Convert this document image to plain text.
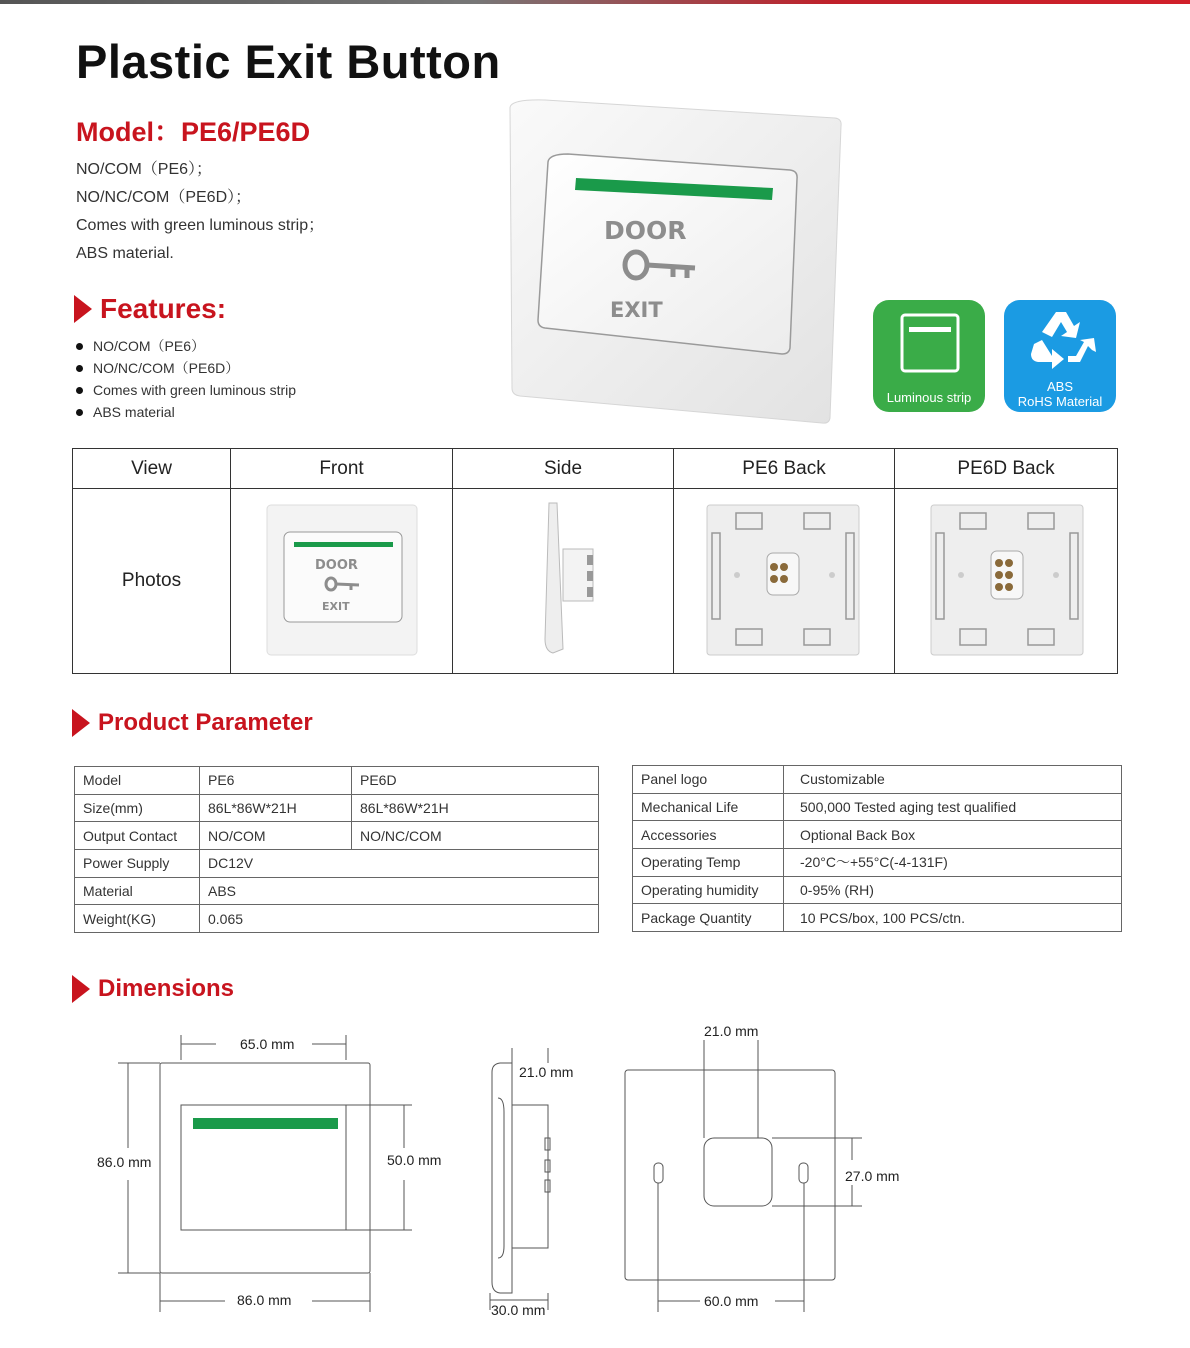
Plastic Exit Button
Model：PE6/PE6D
NO/COM（PE6）；
NO/NC/COM（PE6D）；
Comes with green luminous strip；
ABS material.
Features:
NO/COM（PE6）
NO/NC/COM（PE6D）
Comes with green luminous strip
ABS material
DOOR
EXIT
Luminous strip
ABS
RoHS Material
View	Front	Side	PE6 Back	PE6D Back
Photos	DOOR
EXIT

Product Parameter
Model	PE6	PE6D
Size(mm)	86L*86W*21H	86L*86W*21H
Output Contact	NO/COM	NO/NC/COM
Power Supply	DC12V	
Material	ABS	
Weight(KG)	0.065	
Panel logo	Customizable
Mechanical Life	500,000 Tested aging test qualified
Accessories	Optional Back Box
Operating Temp	-20°C～+55°C(-4-131F)
Operating humidity	0-95% (RH)
Package Quantity	10 PCS/box, 100 PCS/ctn.
Dimensions
65.0 mm
86.0 mm	50.0 mm
86.0 mm
21.0 mm
30.0 mm
21.0 mm
27.0 mm
60.0 mm
